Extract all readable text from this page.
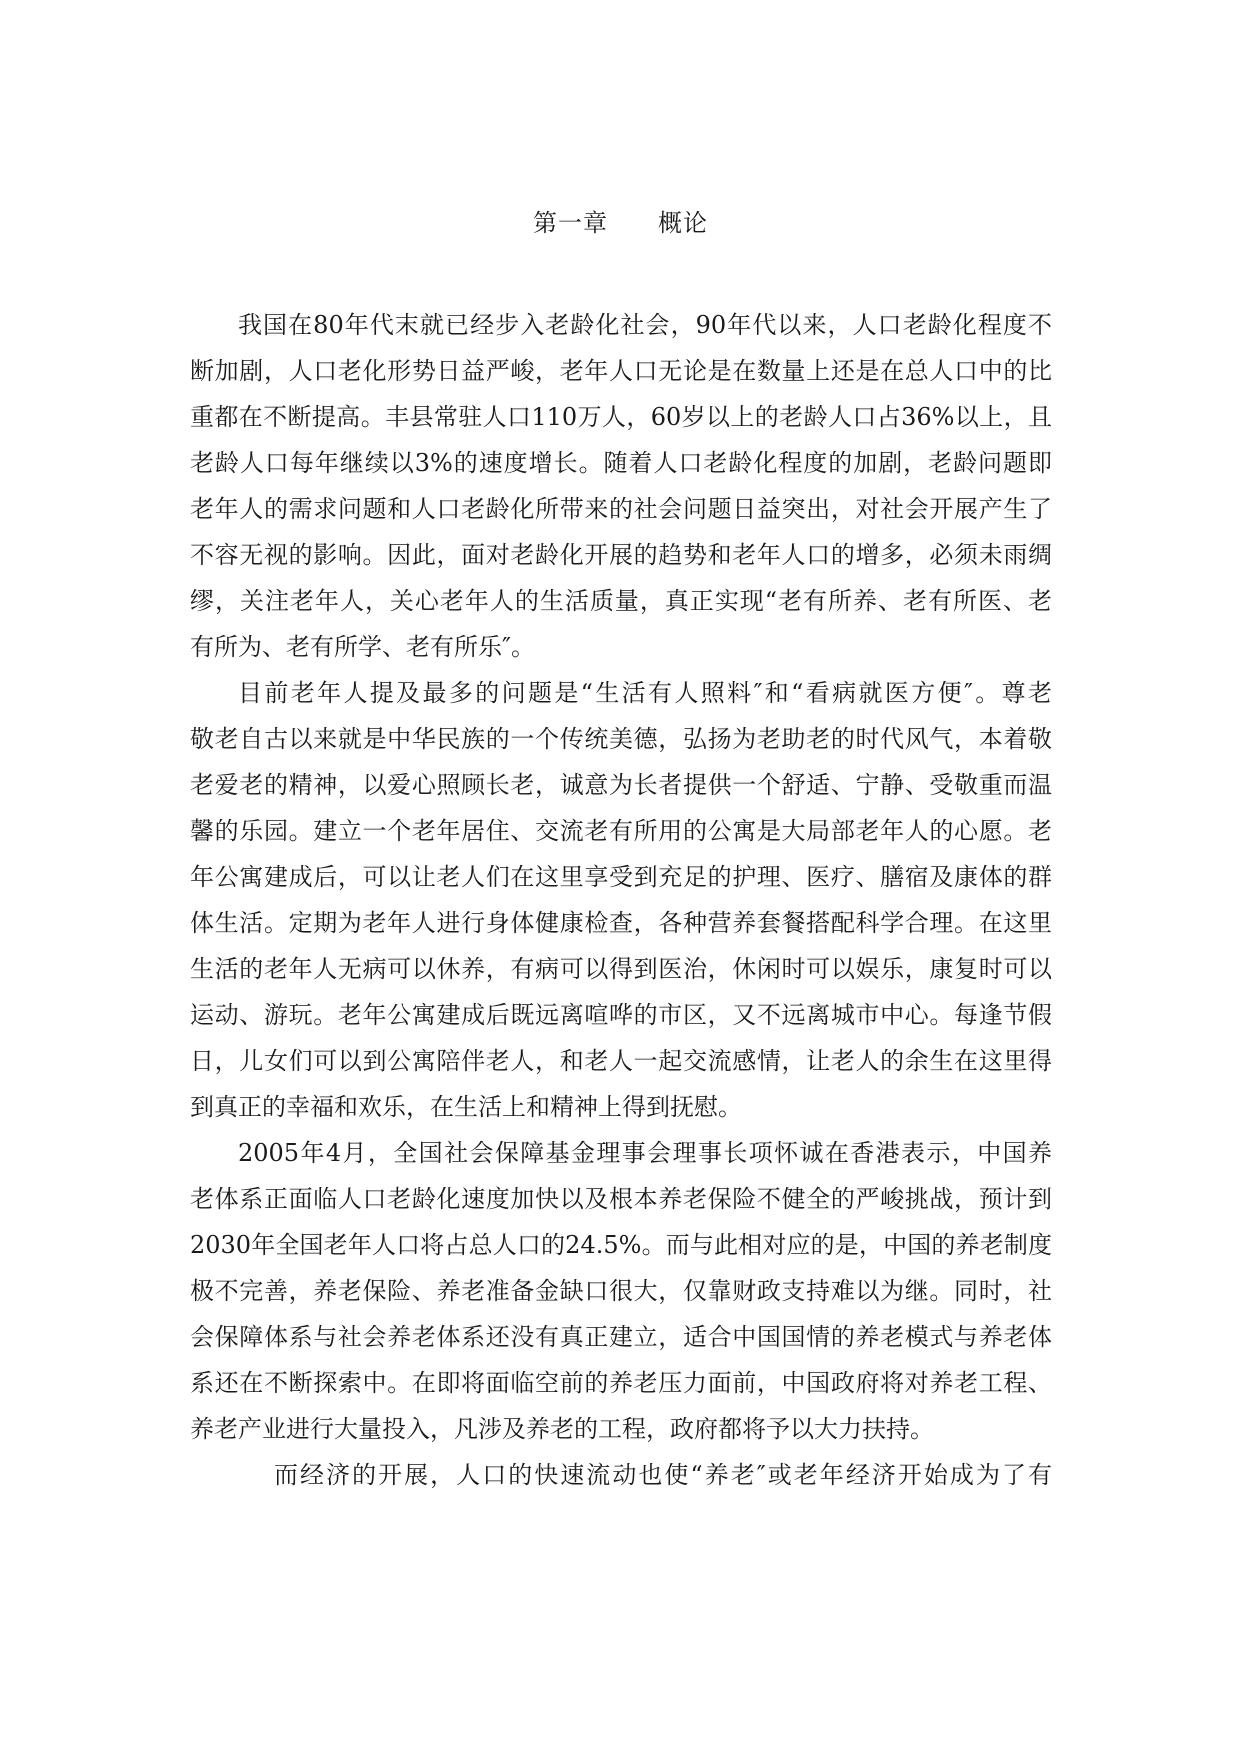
第一章　　概论
我国在80年代末就已经步入老龄化社会，90年代以来，人口老龄化程度不
断加剧，人口老化形势日益严峻，老年人口无论是在数量上还是在总人口中的比
重都在不断提高。丰县常驻人口110万人，60岁以上的老龄人口占36%以上，且
老龄人口每年继续以3%的速度增长。随着人口老龄化程度的加剧，老龄问题即
老年人的需求问题和人口老龄化所带来的社会问题日益突出，对社会开展产生了
不容无视的影响。因此，面对老龄化开展的趋势和老年人口的增多，必须未雨绸
缪，关注老年人，关心老年人的生活质量，真正实现“老有所养、老有所医、老
有所为、老有所学、老有所乐″。
目前老年人提及最多的问题是“生活有人照料″和“看病就医方便″。尊老
敬老自古以来就是中华民族的一个传统美德，弘扬为老助老的时代风气，本着敬
老爱老的精神，以爱心照顾长老，诚意为长者提供一个舒适、宁静、受敬重而温
馨的乐园。建立一个老年居住、交流老有所用的公寓是大局部老年人的心愿。老
年公寓建成后，可以让老人们在这里享受到充足的护理、医疗、膳宿及康体的群
体生活。定期为老年人进行身体健康检查，各种营养套餐搭配科学合理。在这里
生活的老年人无病可以休养，有病可以得到医治，休闲时可以娱乐，康复时可以
运动、游玩。老年公寓建成后既远离喧哗的市区，又不远离城市中心。每逢节假
日，儿女们可以到公寓陪伴老人，和老人一起交流感情，让老人的余生在这里得
到真正的幸福和欢乐，在生活上和精神上得到抚慰。
2005年4月，全国社会保障基金理事会理事长项怀诚在香港表示，中国养
老体系正面临人口老龄化速度加快以及根本养老保险不健全的严峻挑战，预计到
2030年全国老年人口将占总人口的24.5%。而与此相对应的是，中国的养老制度
极不完善，养老保险、养老准备金缺口很大，仅靠财政支持难以为继。同时，社
会保障体系与社会养老体系还没有真正建立，适合中国国情的养老模式与养老体
系还在不断探索中。在即将面临空前的养老压力面前，中国政府将对养老工程、
养老产业进行大量投入，凡涉及养老的工程，政府都将予以大力扶持。
而经济的开展，人口的快速流动也使“养老″或老年经济开始成为了有
